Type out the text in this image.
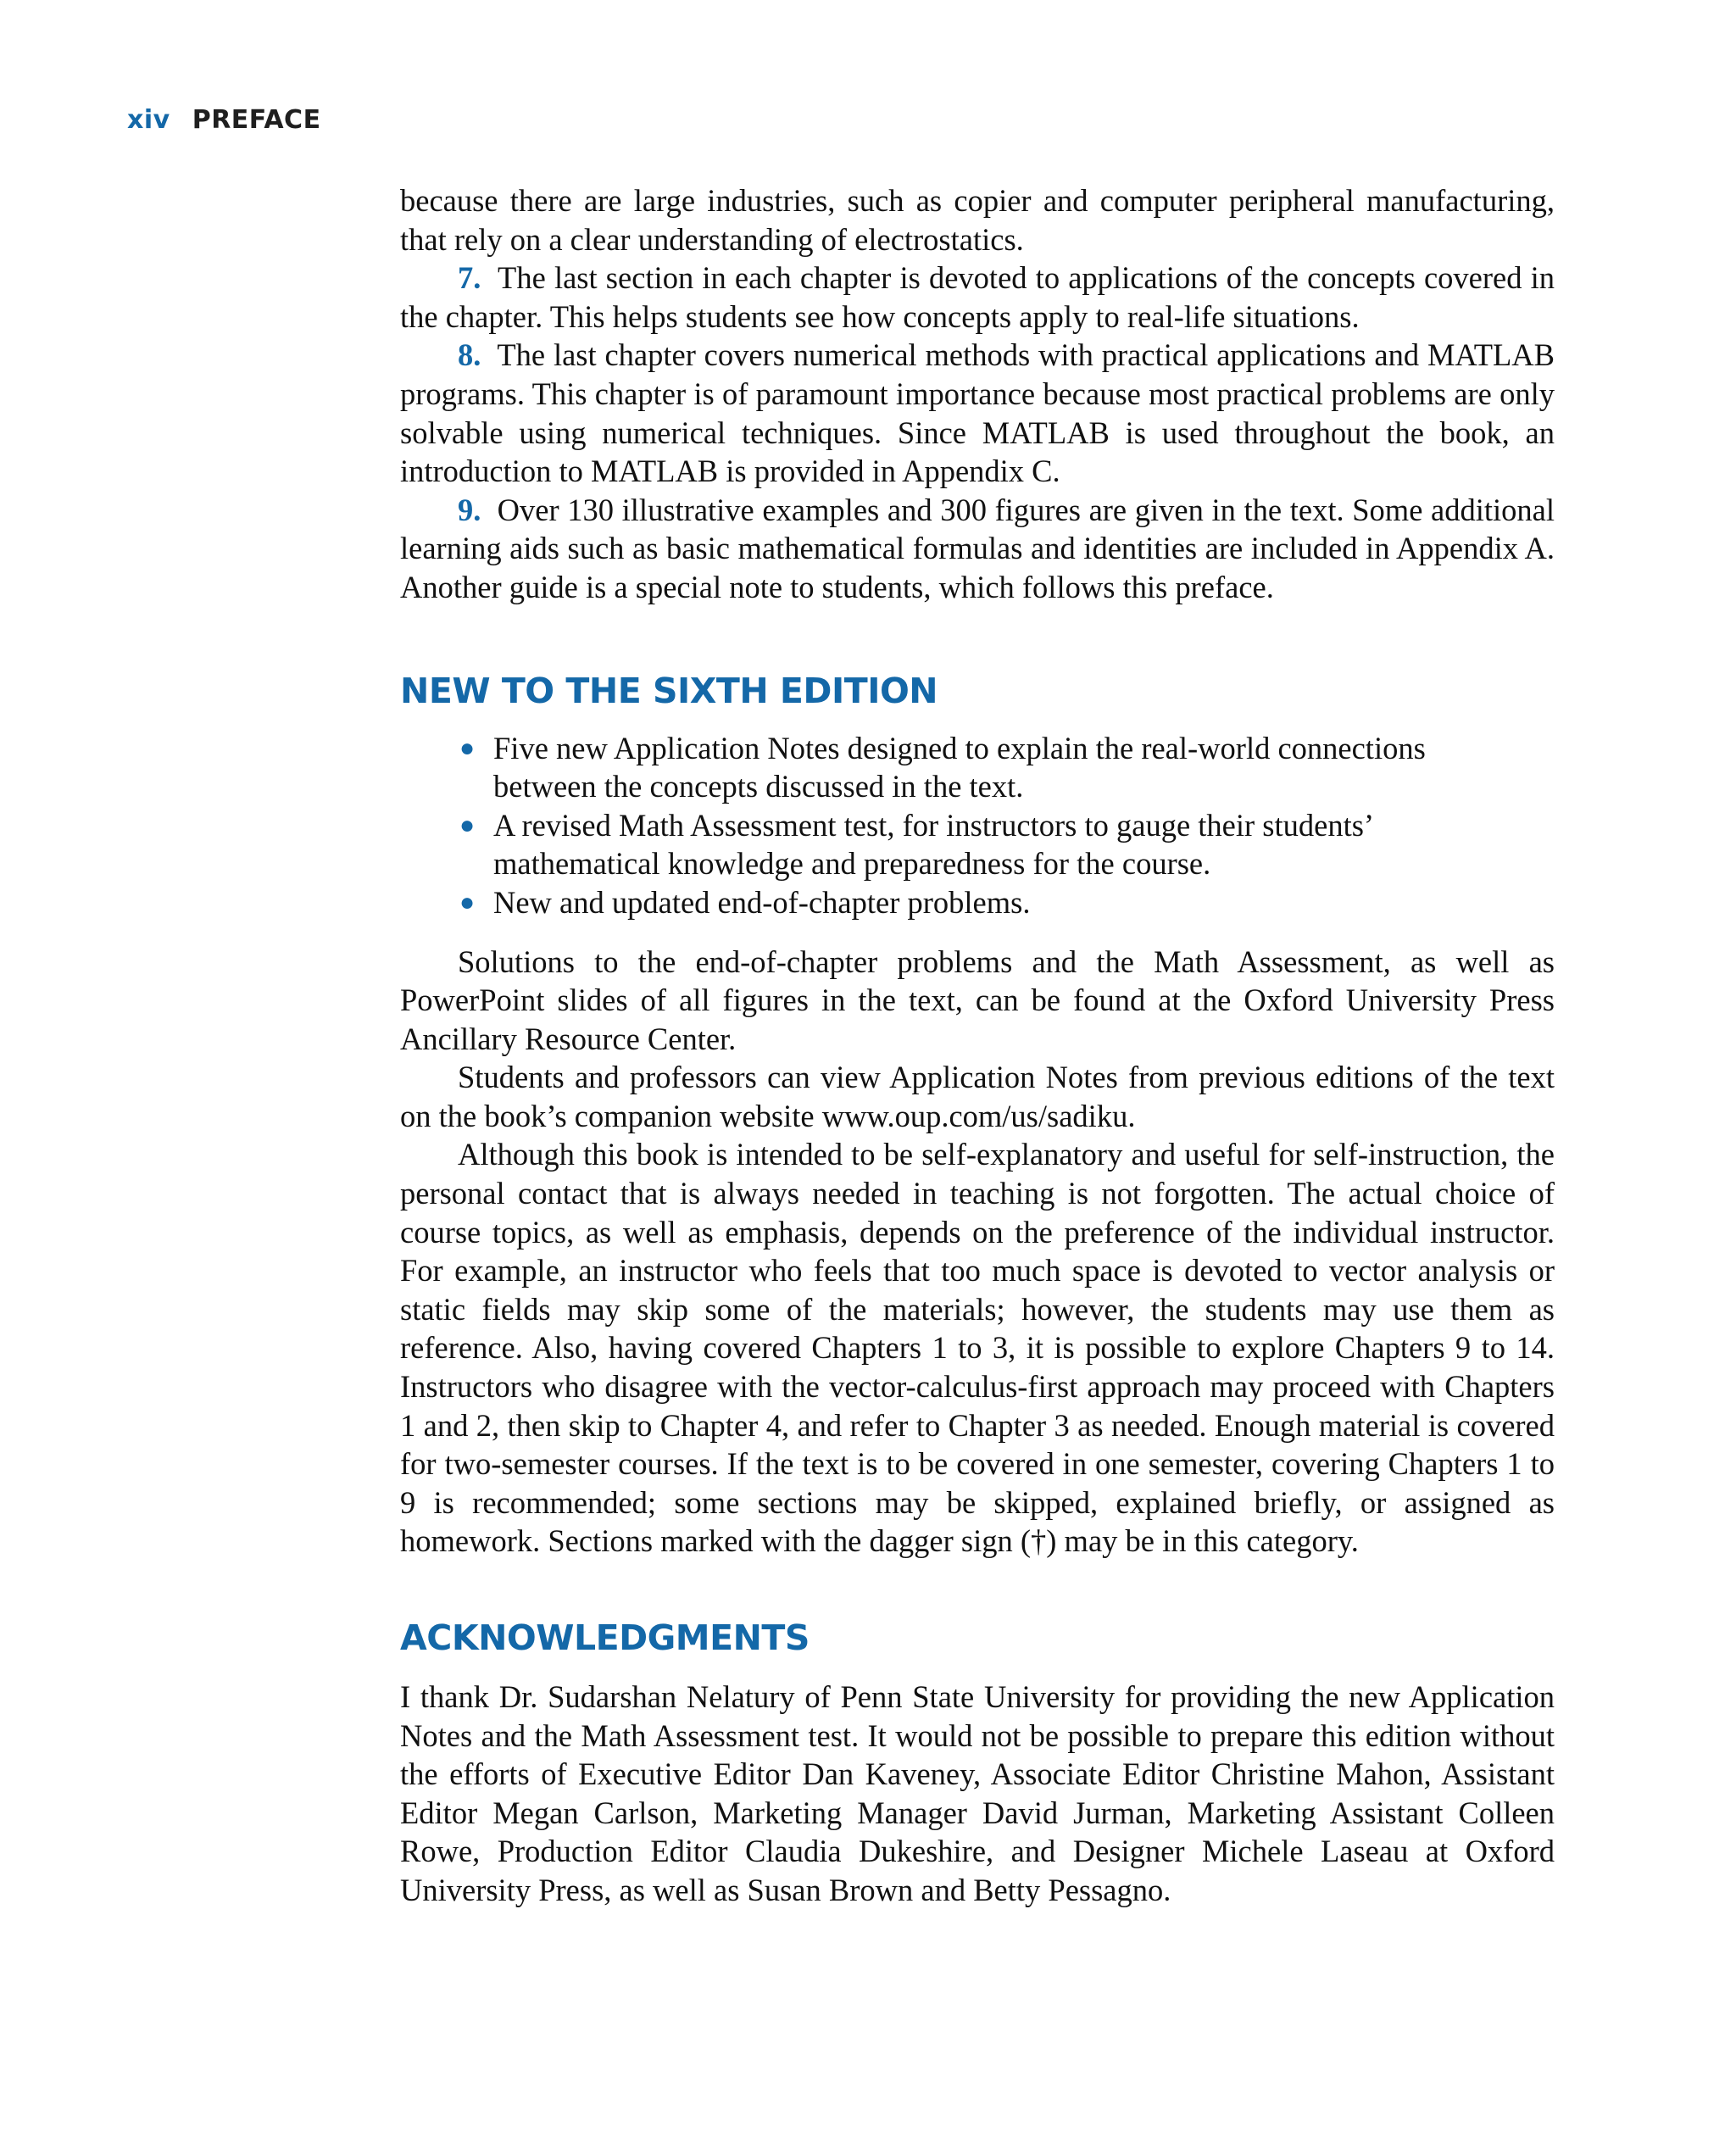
xiv PREFACE

because there are large industries, such as copier and computer peripheral manufacturing, that rely on a clear understanding of electrostatics.

7. The last section in each chapter is devoted to applications of the concepts covered in the chapter. This helps students see how concepts apply to real-life situations.

8. The last chapter covers numerical methods with practical applications and MATLAB programs. This chapter is of paramount importance because most practical problems are only solvable using numerical techniques. Since MATLAB is used throughout the book, an introduction to MATLAB is provided in Appendix C.

9. Over 130 illustrative examples and 300 figures are given in the text. Some additional learning aids such as basic mathematical formulas and identities are included in Appendix A. Another guide is a special note to students, which follows this preface.

NEW TO THE SIXTH EDITION
● Five new Application Notes designed to explain the real-world connections between the concepts discussed in the text.
● A revised Math Assessment test, for instructors to gauge their students’ mathematical knowledge and preparedness for the course.
● New and updated end-of-chapter problems.

Solutions to the end-of-chapter problems and the Math Assessment, as well as PowerPoint slides of all figures in the text, can be found at the Oxford University Press Ancillary Resource Center.

Students and professors can view Application Notes from previous editions of the text on the book’s companion website www.oup.com/us/sadiku.

Although this book is intended to be self-explanatory and useful for self-instruction, the personal contact that is always needed in teaching is not forgotten. The actual choice of course topics, as well as emphasis, depends on the preference of the individual instructor. For example, an instructor who feels that too much space is devoted to vector analysis or static fields may skip some of the materials; however, the students may use them as reference. Also, having covered Chapters 1 to 3, it is possible to explore Chapters 9 to 14. Instructors who disagree with the vector-calculus-first approach may proceed with Chapters 1 and 2, then skip to Chapter 4, and refer to Chapter 3 as needed. Enough material is covered for two-semester courses. If the text is to be covered in one semester, covering Chapters 1 to 9 is recommended; some sections may be skipped, explained briefly, or assigned as homework. Sections marked with the dagger sign (†) may be in this category.

ACKNOWLEDGMENTS

I thank Dr. Sudarshan Nelatury of Penn State University for providing the new Application Notes and the Math Assessment test. It would not be possible to prepare this edition without the efforts of Executive Editor Dan Kaveney, Associate Editor Christine Mahon, Assistant Editor Megan Carlson, Marketing Manager David Jurman, Marketing Assistant Colleen Rowe, Production Editor Claudia Dukeshire, and Designer Michele Laseau at Oxford University Press, as well as Susan Brown and Betty Pessagno.
